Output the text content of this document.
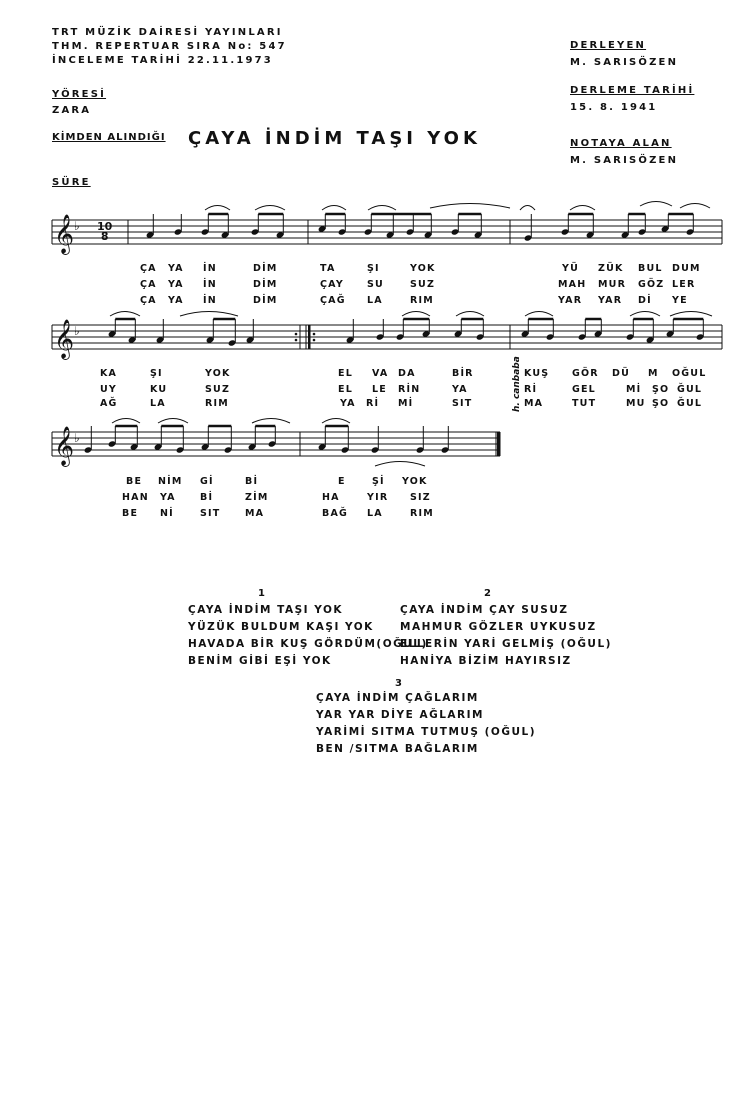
TRT MÜZİK DAİRESİ YAYINLARI
THM. REPERTUAR SIRA No: 547
İNCELEME TARİHİ 22.11.1973
YÖRESİ
ZARA
KİMDEN ALINDIĞI
SÜRE
DERLEYEN
M. SARISÖZEN
DERLEME TARİHİ
15. 8. 1941
NOTAYA ALAN
M. SARISÖZEN
ÇAYA İNDİM TAŞI YOK
𝄞 ♭
𝄞 ♭
𝄞 ♭
10
8
h. canbaba
ÇA YA İN	DİM	TA	ŞI	YOK	YÜ ZÜK BUL DUM
ÇA YA İN	DİM	ÇAY SU	SUZ	MAH MUR GÖZ LER
ÇA YA İN	DİM	ÇAĞ LA	RIM	YAR YAR Dİ YE
KA	ŞI	YOK	EL VA DA	BİR	KUŞ GÖR DÜ M OĞUL
UY	KU	SUZ	EL LE RİN	YA	Rİ	GEL	Mİ ŞO ĞUL
AĞ	LA	RIM	YA Rİ Mİ	SIT	MA	TUT	MU ŞO ĞUL
BE NİM Gİ	Bİ	E	Şİ YOK
HAN YA	Bİ	ZİM	HA	YIR SIZ
BE Nİ	SIT	MA	BAĞ LA	RIM
1
ÇAYA İNDİM TAŞI YOK
YÜZÜK BULDUM KAŞI YOK
HAVADA BİR KUŞ GÖRDÜM(OĞUL)
BENİM GİBİ EŞİ YOK
2
ÇAYA İNDİM ÇAY SUSUZ
MAHMUR GÖZLER UYKUSUZ
ELLERİN YARİ GELMİŞ (OĞUL)
HANİYA BİZİM HAYIRSIZ
3
ÇAYA İNDİM ÇAĞLARIM
YAR YAR DİYE AĞLARIM
YARİMİ SITMA TUTMUŞ (OĞUL)
BEN /SITMA BAĞLARIM
